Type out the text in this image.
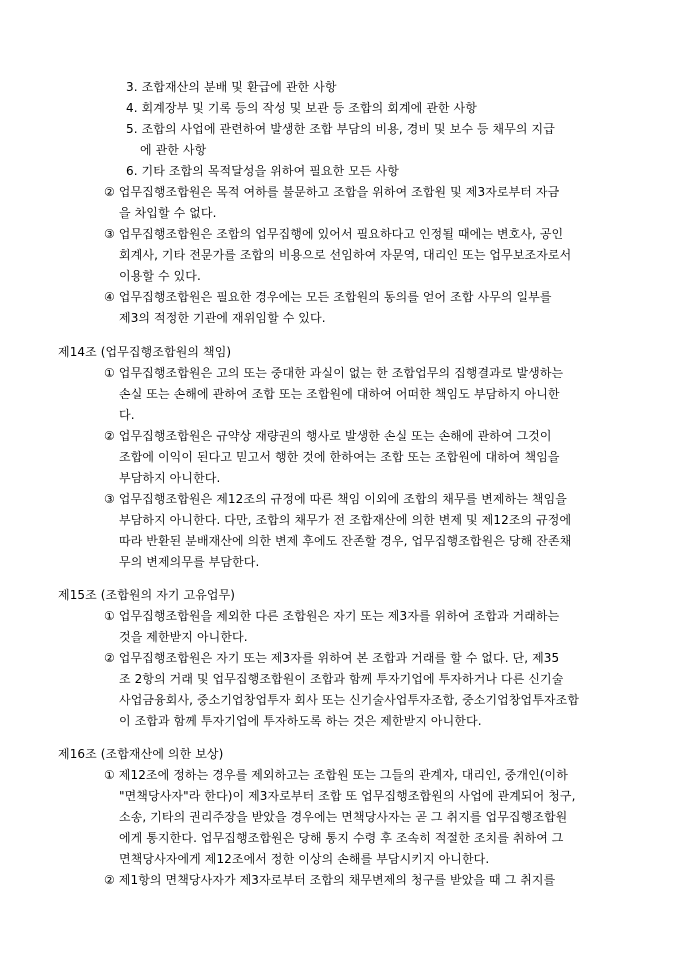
3. 조합재산의 분배 및 환급에 관한 사항
4. 회계장부 및 기록 등의 작성 및 보관 등 조합의 회계에 관한 사항
5. 조합의 사업에 관련하여 발생한 조합 부담의 비용, 경비 및 보수 등 채무의 지급
에 관한 사항
6. 기타 조합의 목적달성을 위하여 필요한 모든 사항
② 업무집행조합원은 목적 여하를 불문하고 조합을 위하여 조합원 및 제3자로부터 자금
을 차입할 수 없다.
③ 업무집행조합원은 조합의 업무집행에 있어서 필요하다고 인정될 때에는 변호사, 공인
회계사, 기타 전문가를 조합의 비용으로 선임하여 자문역, 대리인 또는 업무보조자로서
이용할 수 있다.
④ 업무집행조합원은 필요한 경우에는 모든 조합원의 동의를 얻어 조합 사무의 일부를
제3의 적정한 기관에 재위임할 수 있다.
제14조 (업무집행조합원의 책임)
① 업무집행조합원은 고의 또는 중대한 과실이 없는 한 조합업무의 집행결과로 발생하는
손실 또는 손해에 관하여 조합 또는 조합원에 대하여 어떠한 책임도 부담하지 아니한
다.
② 업무집행조합원은 규약상 재량권의 행사로 발생한 손실 또는 손해에 관하여 그것이
조합에 이익이 된다고 믿고서 행한 것에 한하여는 조합 또는 조합원에 대하여 책임을
부담하지 아니한다.
③ 업무집행조합원은 제12조의 규정에 따른 책임 이외에 조합의 채무를 변제하는 책임을
부담하지 아니한다. 다만, 조합의 채무가 전 조합재산에 의한 변제 및 제12조의 규정에
따라 반환된 분배재산에 의한 변제 후에도 잔존할 경우, 업무집행조합원은 당해 잔존채
무의 변제의무를 부담한다.
제15조 (조합원의 자기 고유업무)
① 업무집행조합원을 제외한 다른 조합원은 자기 또는 제3자를 위하여 조합과 거래하는
것을 제한받지 아니한다.
② 업무집행조합원은 자기 또는 제3자를 위하여 본 조합과 거래를 할 수 없다. 단, 제35
조 2항의 거래 및 업무집행조합원이 조합과 함께 투자기업에 투자하거나 다른 신기술
사업금융회사, 중소기업창업투자 회사 또는 신기술사업투자조합, 중소기업창업투자조합
이 조합과 함께 투자기업에 투자하도록 하는 것은 제한받지 아니한다.
제16조 (조합재산에 의한 보상)
① 제12조에 정하는 경우를 제외하고는 조합원 또는 그들의 관계자, 대리인, 중개인(이하
"면책당사자"라 한다)이 제3자로부터 조합 또 업무집행조합원의 사업에 관계되어 청구,
소송, 기타의 권리주장을 받았을 경우에는 면책당사자는 곧 그 취지를 업무집행조합원
에게 통지한다. 업무집행조합원은 당해 통지 수령 후 조속히 적절한 조치를 취하여 그
면책당사자에게 제12조에서 정한 이상의 손해를 부담시키지 아니한다.
② 제1항의 면책당사자가 제3자로부터 조합의 채무변제의 청구를 받았을 때 그 취지를
